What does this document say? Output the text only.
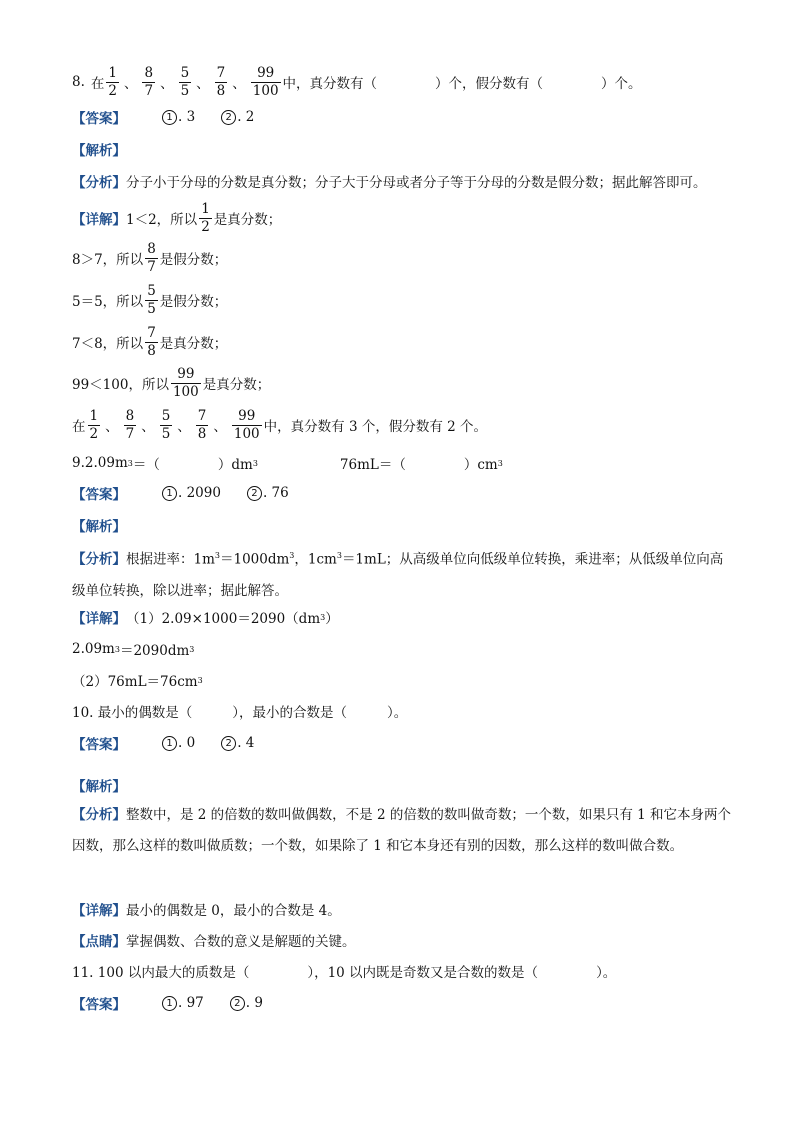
8. 在 $\frac{1}{2}$ 、 $\frac{8}{7}$ 、 $\frac{5}{5}$ 、 $\frac{7}{8}$ 、 $\frac{99}{100}$ 中，真分数有（	）个，假分数有（	）个。
【答案】	1 . 3	2 . 2
【解析】
【分析】 分子小于分母的分数是真分数；分子大于分母或者分子等于分母的分数是假分数；据此解答即可。
【详解】 1＜2，所以 $\frac{1}{2}$ 是真分数；
8＞7，所以 $\frac{8}{7}$ 是假分数；
5＝5，所以 $\frac{5}{5}$ 是假分数；
7＜8，所以 $\frac{7}{8}$ 是真分数；
99＜100，所以 $\frac{99}{100}$ 是真分数；
在 $\frac{1}{2}$ 、 $\frac{8}{7}$ 、 $\frac{5}{5}$ 、 $\frac{7}{8}$ 、 $\frac{99}{100}$ 中，真分数有 3 个，假分数有 2 个。
9. 2.09m 3 ＝（	）dm 3	76mL＝（	）cm 3
【答案】	1 . 2090	2 . 76
【解析】
【分析】根据进率：$1m^3=1000dm^3$，$1cm^3=1mL$；从高级单位向低级单位转换，乘进率；从低级单位向高级单位转换，除以进率；据此解答。
【详解】 （1）2.09×1000＝2090（dm 3 ）
2.09m 3 ＝2090dm 3
（2）76mL＝76cm 3
10. 最小的偶数是（	），最小的合数是（	）。
【答案】	1 . 0	2 . 4
【解析】
【分析】整数中，是 2 的倍数的数叫做偶数，不是 2 的倍数的数叫做奇数；一个数，如果只有 1 和它本身两个因数，那么这样的数叫做质数；一个数，如果除了 1 和它本身还有别的因数，那么这样的数叫做合数。
【详解】 最小的偶数是 0，最小的合数是 4。
【点睛】 掌握偶数、合数的意义是解题的关键。
11. 100 以内最大的质数是（	），10 以内既是奇数又是合数的数是（	）。
【答案】	1 . 97	2 . 9
